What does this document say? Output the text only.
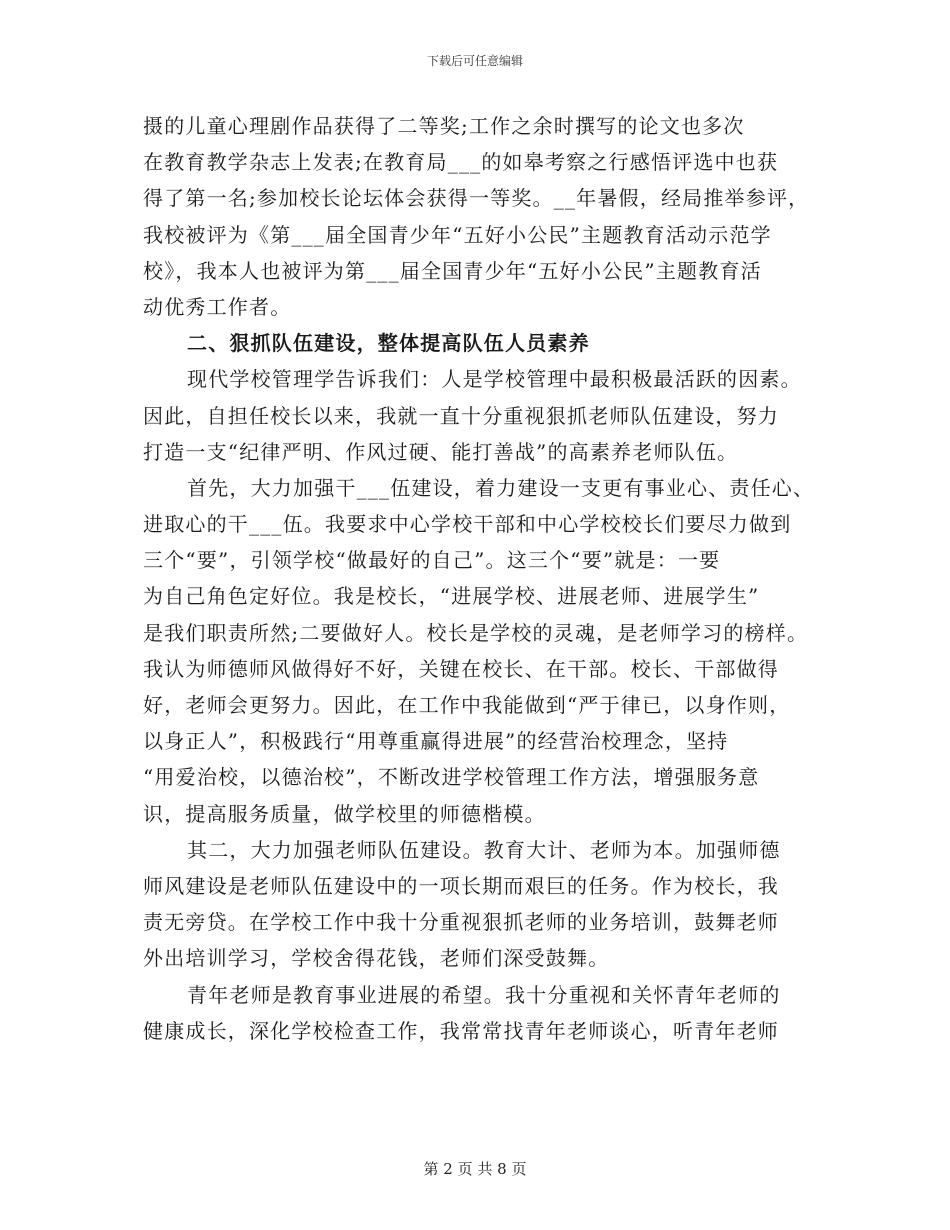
下载后可任意编辑
摄的儿童心理剧作品获得了二等奖;工作之余时撰写的论文也多次
在教育教学杂志上发表;在教育局___的如皋考察之行感悟评选中也获
得了第一名;参加校长论坛体会获得一等奖。__年暑假，经局推举参评，
我校被评为《第___届全国青少年“五好小公民”主题教育活动示范学
校》，我本人也被评为第___届全国青少年“五好小公民”主题教育活
动优秀工作者。
二、狠抓队伍建设，整体提高队伍人员素养
现代学校管理学告诉我们：人是学校管理中最积极最活跃的因素。
因此，自担任校长以来，我就一直十分重视狠抓老师队伍建设，努力
打造一支“纪律严明、作风过硬、能打善战”的高素养老师队伍。
首先，大力加强干___伍建设，着力建设一支更有事业心、责任心、
进取心的干___伍。我要求中心学校干部和中心学校校长们要尽力做到
三个“要”，引领学校“做最好的自己”。这三个“要”就是：一要
为自己角色定好位。我是校长，“进展学校、进展老师、进展学生”
是我们职责所然;二要做好人。校长是学校的灵魂，是老师学习的榜样。
我认为师德师风做得好不好，关键在校长、在干部。校长、干部做得
好，老师会更努力。因此，在工作中我能做到“严于律已，以身作则，
以身正人”，积极践行“用尊重赢得进展”的经营治校理念，坚持
“用爱治校，以德治校”，不断改进学校管理工作方法，增强服务意
识，提高服务质量，做学校里的师德楷模。
其二，大力加强老师队伍建设。教育大计、老师为本。加强师德
师风建设是老师队伍建设中的一项长期而艰巨的任务。作为校长，我
责无旁贷。在学校工作中我十分重视狠抓老师的业务培训，鼓舞老师
外出培训学习，学校舍得花钱，老师们深受鼓舞。
青年老师是教育事业进展的希望。我十分重视和关怀青年老师的
健康成长，深化学校检查工作，我常常找青年老师谈心，听青年老师
第 2 页 共 8 页
